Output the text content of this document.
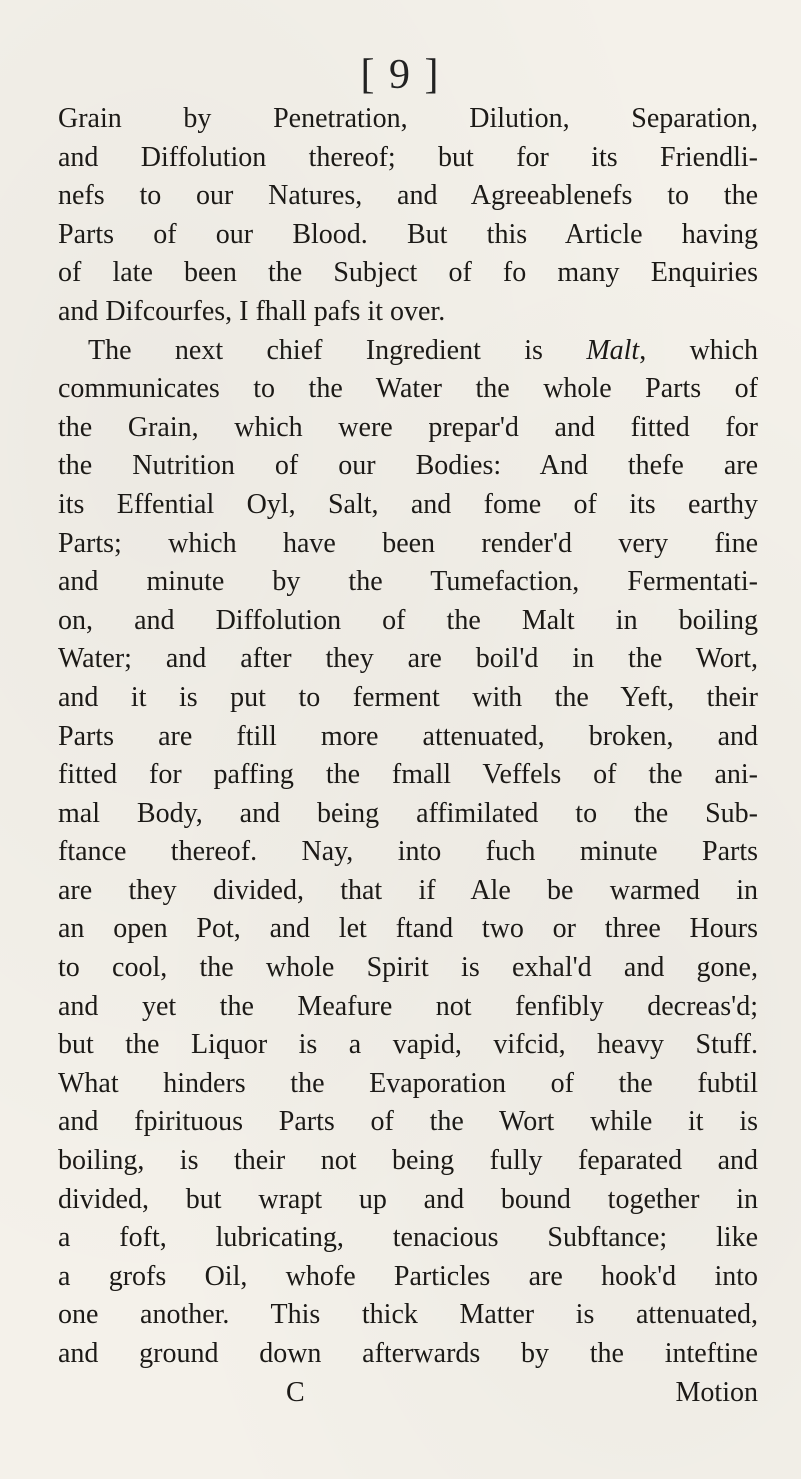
[ 9 ]
Grain by Penetration, Dilution, Separation,
and Diffolution thereof; but for its Friendli-
nefs to our Natures, and Agreeablenefs to the
Parts of our Blood. But this Article having
of late been the Subject of fo many Enquiries
and Difcourfes, I fhall pafs it over.
The next chief Ingredient is Malt, which
communicates to the Water the whole Parts of
the Grain, which were prepar'd and fitted for
the Nutrition of our Bodies: And thefe are
its Effential Oyl, Salt, and fome of its earthy
Parts; which have been render'd very fine
and minute by the Tumefaction, Fermentati-
on, and Diffolution of the Malt in boiling
Water; and after they are boil'd in the Wort,
and it is put to ferment with the Yeft, their
Parts are ftill more attenuated, broken, and
fitted for paffing the fmall Veffels of the ani-
mal Body, and being affimilated to the Sub-
ftance thereof. Nay, into fuch minute Parts
are they divided, that if Ale be warmed in
an open Pot, and let ftand two or three Hours
to cool, the whole Spirit is exhal'd and gone,
and yet the Meafure not fenfibly decreas'd;
but the Liquor is a vapid, vifcid, heavy Stuff.
What hinders the Evaporation of the fubtil
and fpirituous Parts of the Wort while it is
boiling, is their not being fully feparated and
divided, but wrapt up and bound together in
a foft, lubricating, tenacious Subftance; like
a grofs Oil, whofe Particles are hook'd into
one another. This thick Matter is attenuated,
and ground down afterwards by the inteftine
C	Motion
